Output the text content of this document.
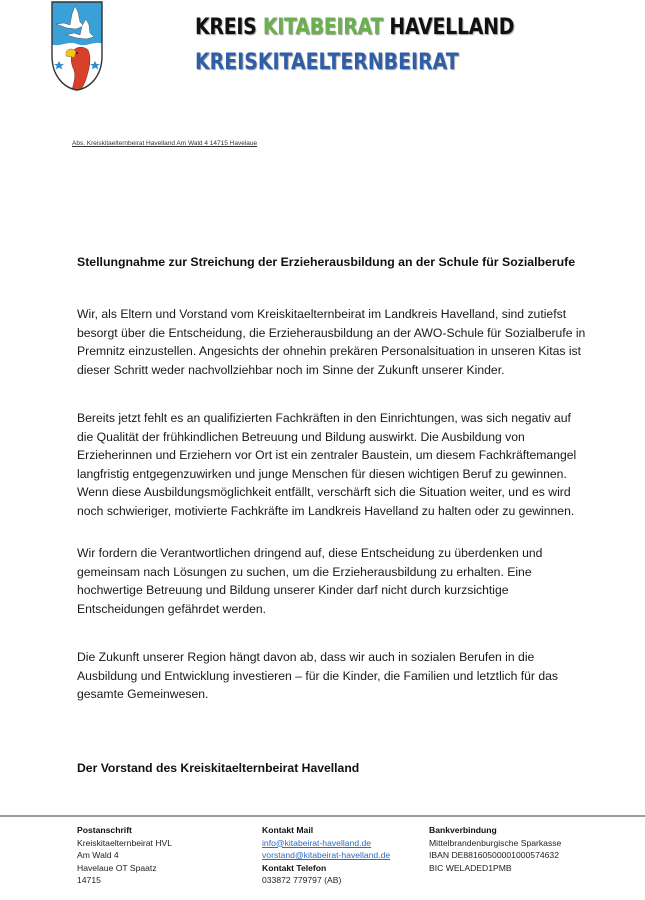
KREIS KITABEIRAT HAVELLAND
KREISKITAELTERNBEIRAT
Abs. Kreiskitaelternbeirat Havelland Am Wald 4 14715 Havelaue
Stellungnahme zur Streichung der Erzieherausbildung an der Schule für Sozialberufe
Wir, als Eltern und Vorstand vom Kreiskitaelternbeirat im Landkreis Havelland, sind zutiefst
besorgt über die Entscheidung, die Erzieherausbildung an der AWO-Schule für Sozialberufe in
Premnitz einzustellen. Angesichts der ohnehin prekären Personalsituation in unseren Kitas ist
dieser Schritt weder nachvollziehbar noch im Sinne der Zukunft unserer Kinder.
Bereits jetzt fehlt es an qualifizierten Fachkräften in den Einrichtungen, was sich negativ auf
die Qualität der frühkindlichen Betreuung und Bildung auswirkt. Die Ausbildung von
Erzieherinnen und Erziehern vor Ort ist ein zentraler Baustein, um diesem Fachkräftemangel
langfristig entgegenzuwirken und junge Menschen für diesen wichtigen Beruf zu gewinnen.
Wenn diese Ausbildungsmöglichkeit entfällt, verschärft sich die Situation weiter, und es wird
noch schwieriger, motivierte Fachkräfte im Landkreis Havelland zu halten oder zu gewinnen.
Wir fordern die Verantwortlichen dringend auf, diese Entscheidung zu überdenken und
gemeinsam nach Lösungen zu suchen, um die Erzieherausbildung zu erhalten. Eine
hochwertige Betreuung und Bildung unserer Kinder darf nicht durch kurzsichtige
Entscheidungen gefährdet werden.
Die Zukunft unserer Region hängt davon ab, dass wir auch in sozialen Berufen in die
Ausbildung und Entwicklung investieren – für die Kinder, die Familien und letztlich für das
gesamte Gemeinwesen.
Der Vorstand des Kreiskitaelternbeirat Havelland
Postanschrift
Kreiskitaelternbeirat HVL
Am Wald 4
Havelaue OT Spaatz
14715
Kontakt Mail
info@kitabeirat-havelland.de
vorstand@kitabeirat-havelland.de
Kontakt Telefon
033872 779797 (AB)
Bankverbindung
Mittelbrandenburgische Sparkasse
IBAN DE88160500001000574632
BIC WELADED1PMB
